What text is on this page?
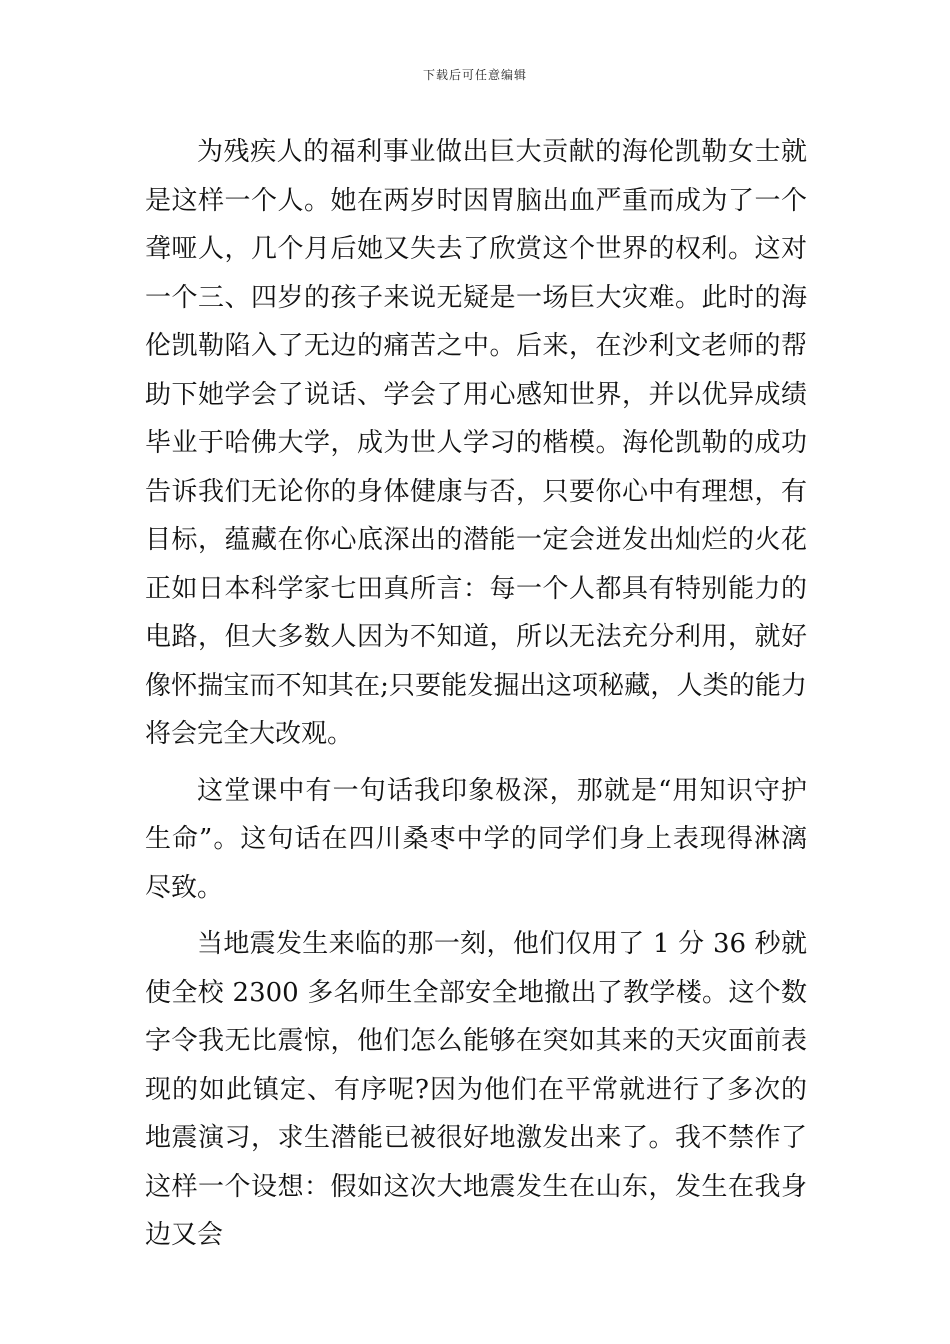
下载后可任意编辑

为残疾人的福利事业做出巨大贡献的海伦凯勒女士就是这样一个人。她在两岁时因胃脑出血严重而成为了一个聋哑人，几个月后她又失去了欣赏这个世界的权利。这对一个三、四岁的孩子来说无疑是一场巨大灾难。此时的海伦凯勒陷入了无边的痛苦之中。后来，在沙利文老师的帮助下她学会了说话、学会了用心感知世界，并以优异成绩毕业于哈佛大学，成为世人学习的楷模。海伦凯勒的成功告诉我们无论你的身体健康与否，只要你心中有理想，有目标，蕴藏在你心底深出的潜能一定会迸发出灿烂的火花正如日本科学家七田真所言：每一个人都具有特别能力的电路，但大多数人因为不知道，所以无法充分利用，就好像怀揣宝而不知其在;只要能发掘出这项秘藏，人类的能力将会完全大改观。

这堂课中有一句话我印象极深，那就是“用知识守护生命”。这句话在四川桑枣中学的同学们身上表现得淋漓尽致。

当地震发生来临的那一刻，他们仅用了 1 分 36 秒就使全校 2300 多名师生全部安全地撤出了教学楼。这个数字令我无比震惊，他们怎么能够在突如其来的天灾面前表现的如此镇定、有序呢?因为他们在平常就进行了多次的地震演习，求生潜能已被很好地激发出来了。我不禁作了这样一个设想：假如这次大地震发生在山东，发生在我身边又会
